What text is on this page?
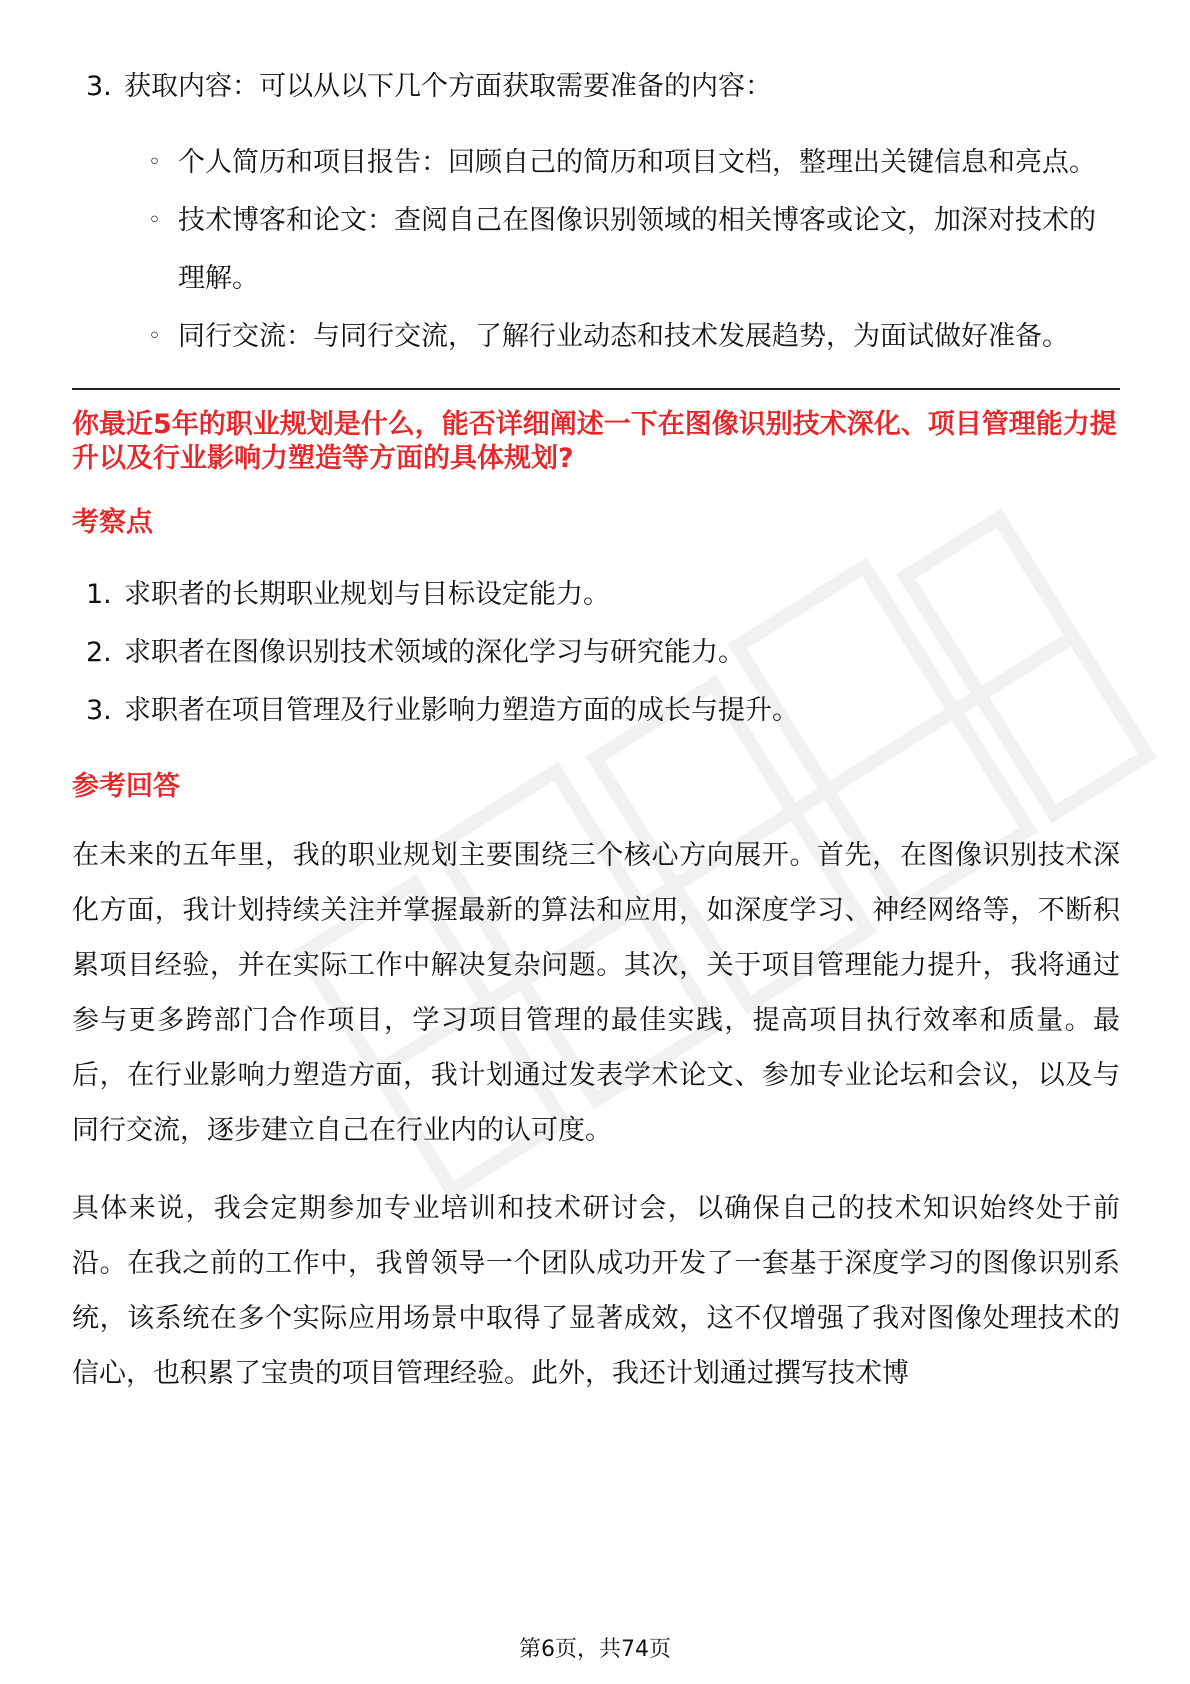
3. 获取内容：可以从以下几个方面获取需要准备的内容：
◦ 个人简历和项目报告：回顾自己的简历和项目文档，整理出关键信息和亮点。
◦ 技术博客和论文：查阅自己在图像识别领域的相关博客或论文，加深对技术的理解。
◦ 同行交流：与同行交流，了解行业动态和技术发展趋势，为面试做好准备。
你最近5年的职业规划是什么，能否详细阐述一下在图像识别技术深化、项目管理能力提升以及行业影响力塑造等方面的具体规划?
考察点
1. 求职者的长期职业规划与目标设定能力。
2. 求职者在图像识别技术领域的深化学习与研究能力。
3. 求职者在项目管理及行业影响力塑造方面的成长与提升。
参考回答

在未来的五年里，我的职业规划主要围绕三个核心方向展开。首先，在图像识别技术深化方面，我计划持续关注并掌握最新的算法和应用，如深度学习、神经网络等，不断积累项目经验，并在实际工作中解决复杂问题。其次，关于项目管理能力提升，我将通过参与更多跨部门合作项目，学习项目管理的最佳实践，提高项目执行效率和质量。最后，在行业影响力塑造方面，我计划通过发表学术论文、参加专业论坛和会议，以及与同行交流，逐步建立自己在行业内的认可度。

具体来说，我会定期参加专业培训和技术研讨会，以确保自己的技术知识始终处于前沿。在我之前的工作中，我曾领导一个团队成功开发了一套基于深度学习的图像识别系统，该系统在多个实际应用场景中取得了显著成效，这不仅增强了我对图像处理技术的信心，也积累了宝贵的项目管理经验。此外，我还计划通过撰写技术博

第6页，共74页
